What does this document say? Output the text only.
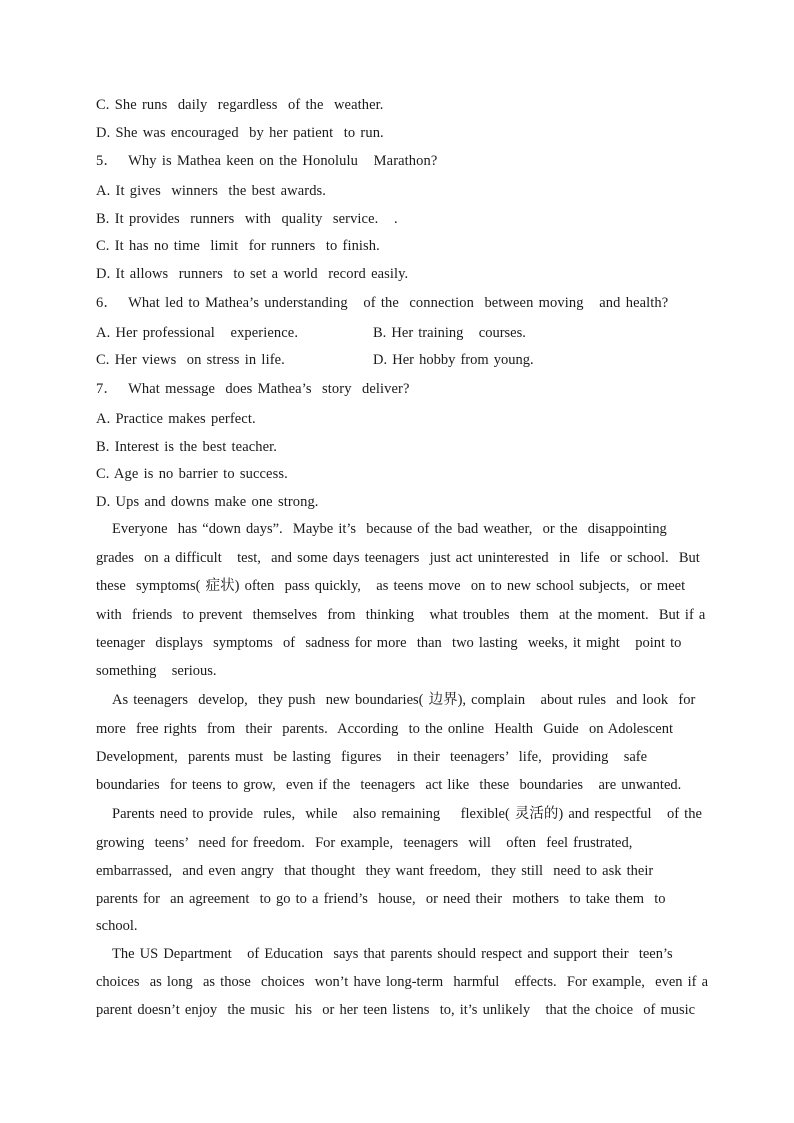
C. She runs  daily  regardless  of the  weather.
D. She was encouraged  by her patient  to run.
5．  Why is Mathea keen on the Honolulu   Marathon?
A. It gives  winners  the best awards.
B. It provides  runners  with  quality  service.   .
C. It has no time  limit  for runners  to finish.
D. It allows  runners  to set a world  record easily.
6．  What led to Mathea’s understanding   of the  connection  between moving   and health?
A. Her professional   experience.	B. Her training   courses.
C. Her views  on stress in life.	D. Her hobby from young.
7．  What message  does Mathea’s  story  deliver?
A. Practice makes perfect.
B. Interest is the best teacher.
C. Age is no barrier to success.
D. Ups and downs make one strong.
Everyone  has “down days”.  Maybe it’s  because of the bad weather,  or the  disappointing
grades  on a difficult   test,  and some days teenagers  just act uninterested  in  life  or school.  But
these  symptoms( 症状) often  pass quickly,   as teens move  on to new school subjects,  or meet
with  friends  to prevent  themselves  from  thinking   what troubles  them  at the moment.  But if a
teenager  displays  symptoms  of  sadness for more  than  two lasting  weeks, it might   point to
something   serious.
As teenagers  develop,  they push  new boundaries( 边界), complain   about rules  and look  for
more  free rights  from  their  parents.  According  to the online  Health  Guide  on Adolescent
Development,  parents must  be lasting  figures   in their  teenagers’  life,  providing   safe
boundaries  for teens to grow,  even if the  teenagers  act like  these  boundaries   are unwanted.
Parents need to provide  rules,  while   also remaining    flexible( 灵活的) and respectful   of the
growing  teens’  need for freedom.  For example,  teenagers  will   often  feel frustrated,
embarrassed,  and even angry  that thought  they want freedom,  they still  need to ask their
parents for  an agreement  to go to a friend’s  house,  or need their  mothers  to take them  to
school.
The US Department   of Education  says that parents should respect and support their  teen’s
choices  as long  as those  choices  won’t have long-term  harmful   effects.  For example,  even if a
parent doesn’t enjoy  the music  his  or her teen listens  to, it’s unlikely   that the choice  of music
